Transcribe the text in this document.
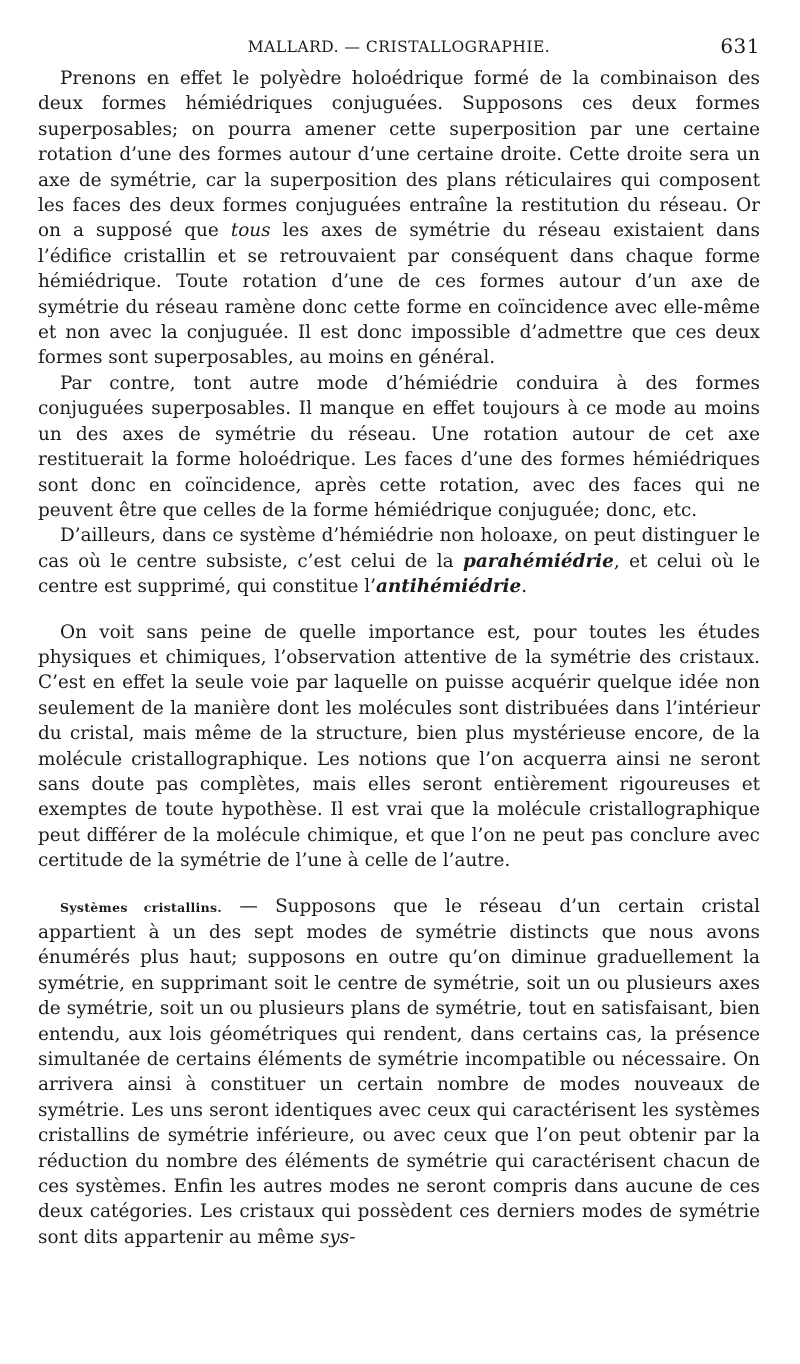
MALLARD. — CRISTALLOGRAPHIE.	631

Prenons en effet le polyèdre holoédrique formé de la combinaison des deux formes hémiédriques conjuguées. Supposons ces deux formes superposables; on pourra amener cette superposition par une certaine rotation d’une des formes autour d’une certaine droite. Cette droite sera un axe de symétrie, car la superposition des plans réticulaires qui composent les faces des deux formes conjuguées entraîne la restitution du réseau. Or on a supposé que tous les axes de symétrie du réseau existaient dans l’édifice cristallin et se retrouvaient par conséquent dans chaque forme hémiédrique. Toute rotation d’une de ces formes autour d’un axe de symétrie du réseau ramène donc cette forme en coïncidence avec elle-même et non avec la conjuguée. Il est donc impossible d’admettre que ces deux formes sont superposables, au moins en général.

Par contre, tont autre mode d’hémiédrie conduira à des formes conjuguées superposables. Il manque en effet toujours à ce mode au moins un des axes de symétrie du réseau. Une rotation autour de cet axe restituerait la forme holoédrique. Les faces d’une des formes hémiédriques sont donc en coïncidence, après cette rotation, avec des faces qui ne peuvent être que celles de la forme hémiédrique conjuguée; donc, etc.

D’ailleurs, dans ce système d’hémiédrie non holoaxe, on peut distinguer le cas où le centre subsiste, c’est celui de la parahémiédrie, et celui où le centre est supprimé, qui constitue l’antihémiédrie.

On voit sans peine de quelle importance est, pour toutes les études physiques et chimiques, l’observation attentive de la symétrie des cristaux. C’est en effet la seule voie par laquelle on puisse acquérir quelque idée non seulement de la manière dont les molécules sont distribuées dans l’intérieur du cristal, mais même de la structure, bien plus mystérieuse encore, de la molécule cristallographique. Les notions que l’on acquerra ainsi ne seront sans doute pas complètes, mais elles seront entièrement rigoureuses et exemptes de toute hypothèse. Il est vrai que la molécule cristallographique peut différer de la molécule chimique, et que l’on ne peut pas conclure avec certitude de la symétrie de l’une à celle de l’autre.

Systèmes cristallins. — Supposons que le réseau d’un certain cristal appartient à un des sept modes de symétrie distincts que nous avons énumérés plus haut; supposons en outre qu’on diminue graduellement la symétrie, en supprimant soit le centre de symétrie, soit un ou plusieurs axes de symétrie, soit un ou plusieurs plans de symétrie, tout en satisfaisant, bien entendu, aux lois géométriques qui rendent, dans certains cas, la présence simultanée de certains éléments de symétrie incompatible ou nécessaire. On arrivera ainsi à constituer un certain nombre de modes nouveaux de symétrie. Les uns seront identiques avec ceux qui caractérisent les systèmes cristallins de symétrie inférieure, ou avec ceux que l’on peut obtenir par la réduction du nombre des éléments de symétrie qui caractérisent chacun de ces systèmes. Enfin les autres modes ne seront compris dans aucune de ces deux catégories. Les cristaux qui possèdent ces derniers modes de symétrie sont dits appartenir au même sys-
